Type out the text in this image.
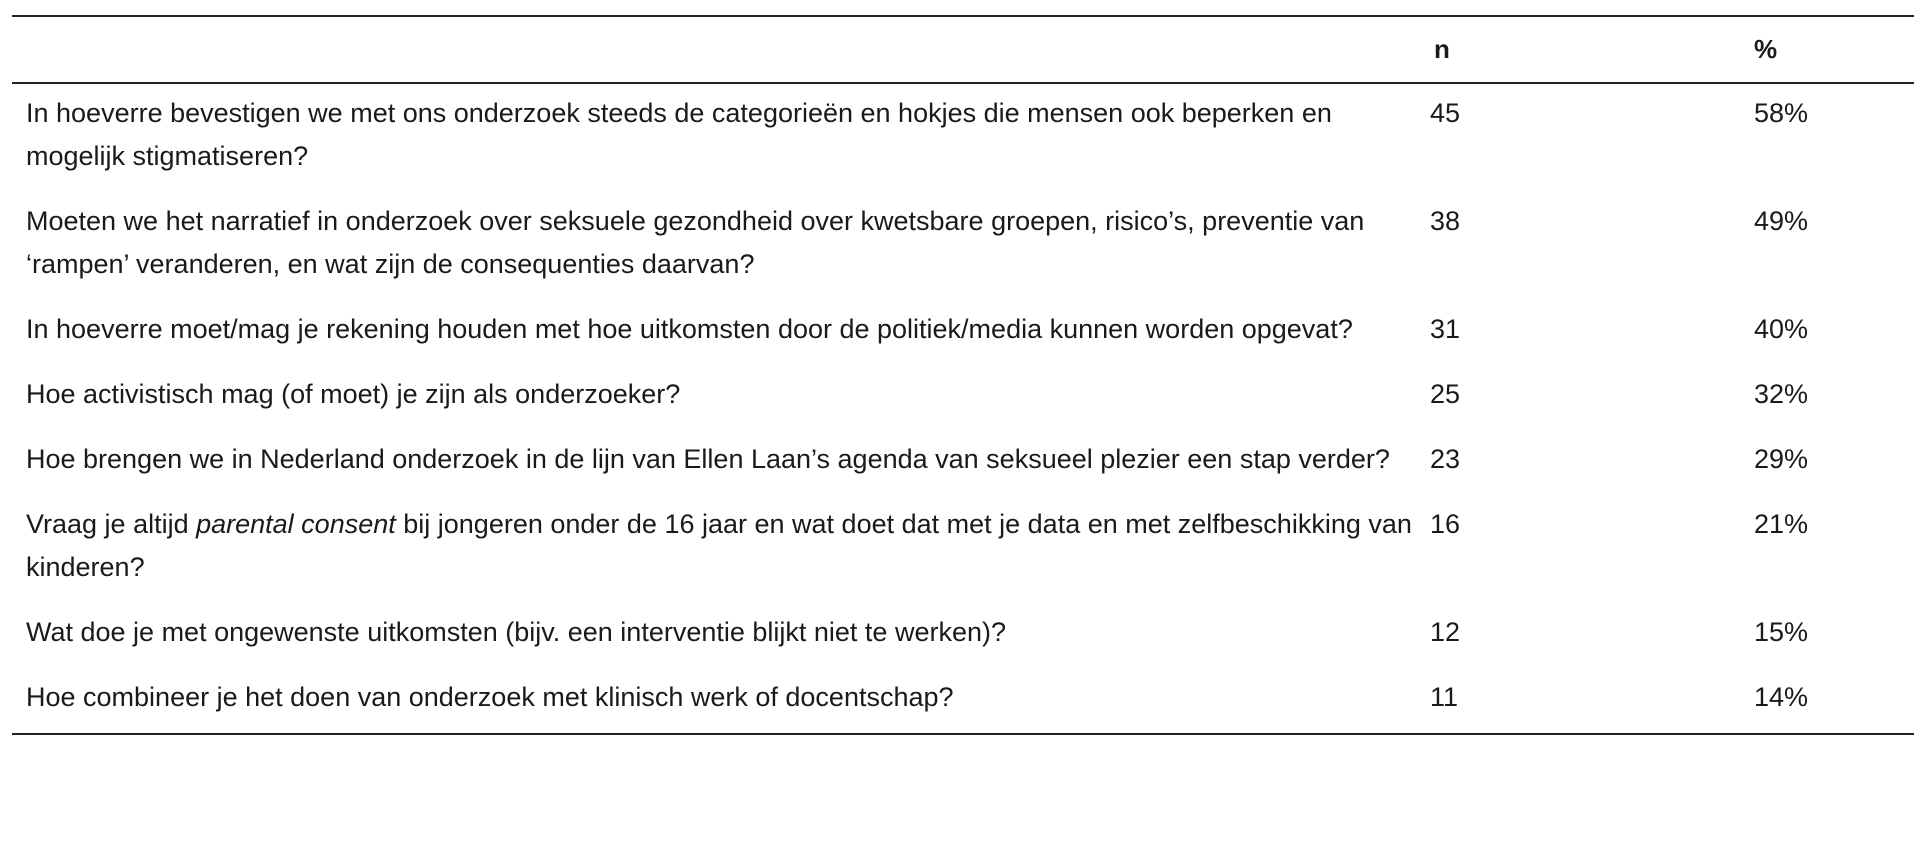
	n	%
In hoeverre bevestigen we met ons onderzoek steeds de categorieën en hokjes die mensen ook beperken en mogelijk stigmatiseren?	45	58%
Moeten we het narratief in onderzoek over seksuele gezondheid over kwetsbare groepen, risico’s, preventie van ‘rampen’ veranderen, en wat zijn de consequenties daarvan?	38	49%
In hoeverre moet/mag je rekening houden met hoe uitkomsten door de politiek/media kunnen worden opgevat?	31	40%
Hoe activistisch mag (of moet) je zijn als onderzoeker?	25	32%
Hoe brengen we in Nederland onderzoek in de lijn van Ellen Laan’s agenda van seksueel plezier een stap verder?	23	29%
Vraag je altijd parental consent bij jongeren onder de 16 jaar en wat doet dat met je data en met zelfbeschikking van kinderen?	16	21%
Wat doe je met ongewenste uitkomsten (bijv. een interventie blijkt niet te werken)?	12	15%
Hoe combineer je het doen van onderzoek met klinisch werk of docentschap?	11	14%
